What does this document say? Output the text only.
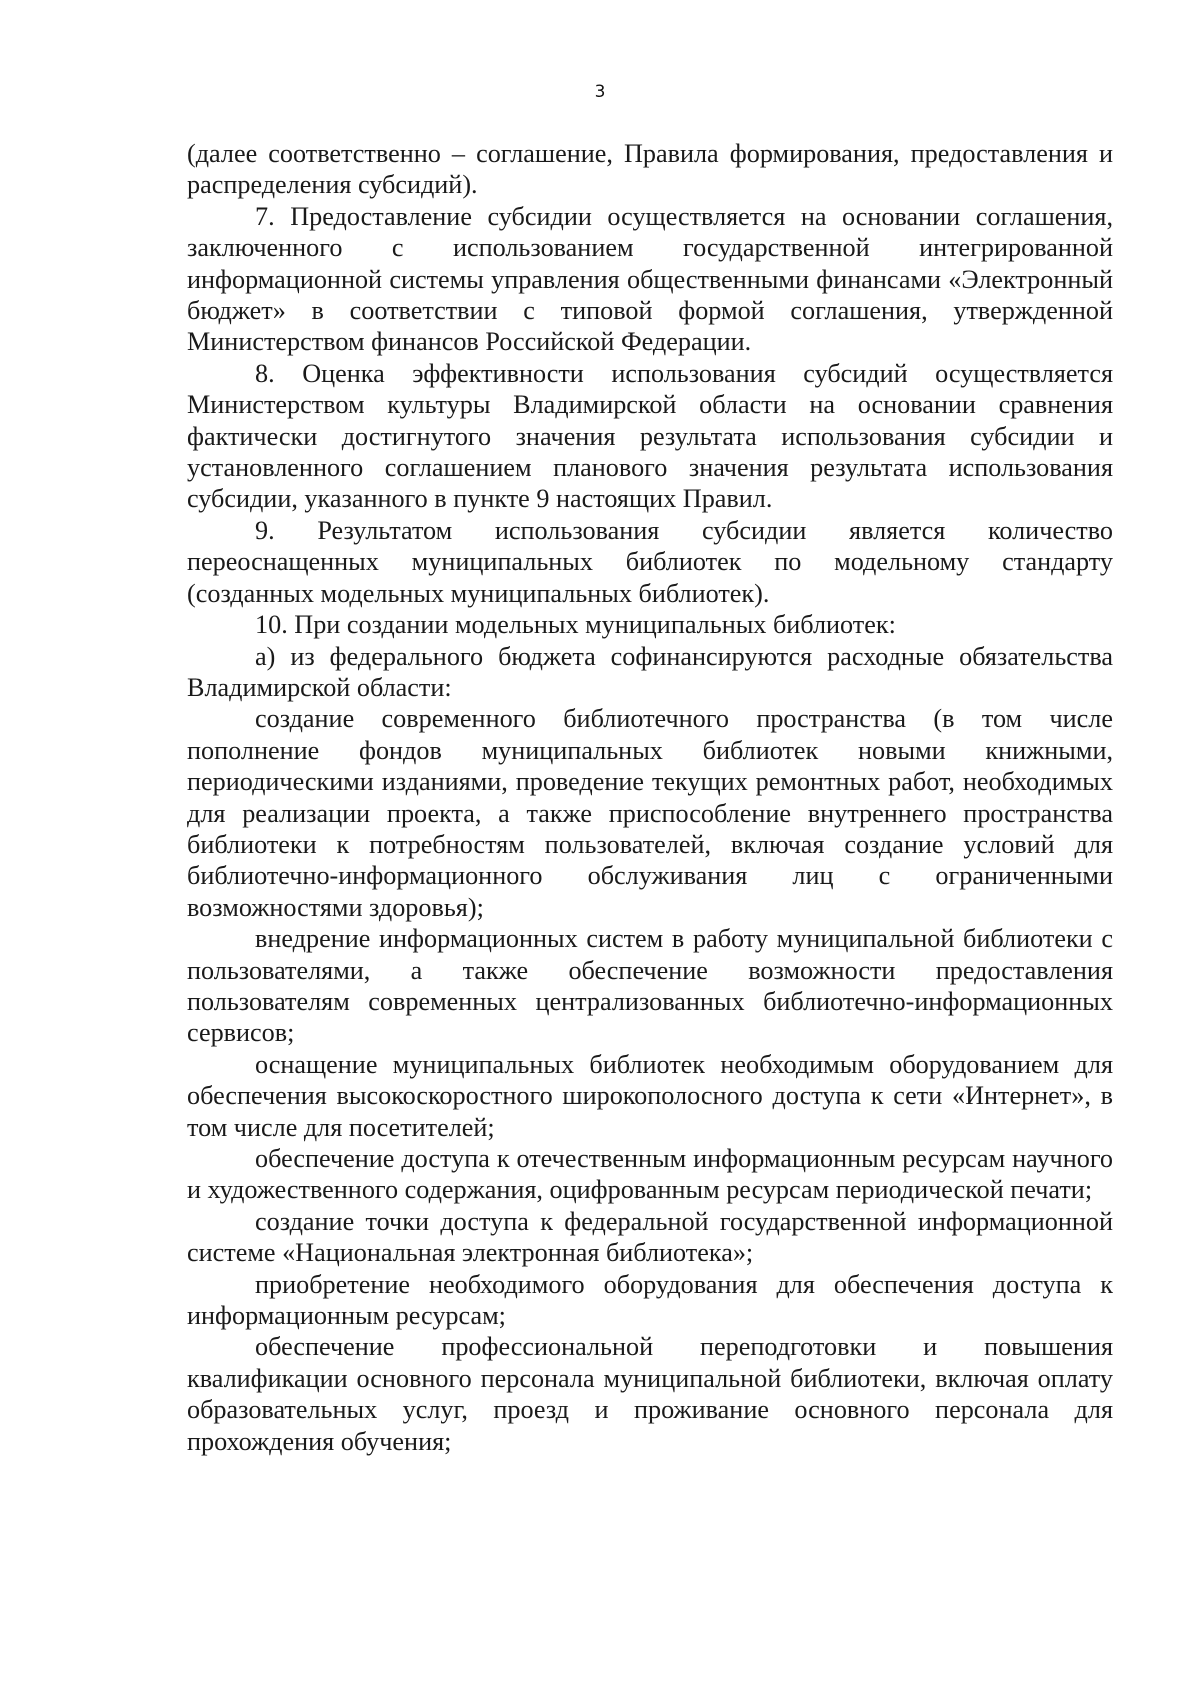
3

(далее соответственно – соглашение, Правила формирования, предоставления и распределения субсидий).

7. Предоставление субсидии осуществляется на основании соглашения, заключенного с использованием государственной интегрированной информационной системы управления общественными финансами «Электронный бюджет» в соответствии с типовой формой соглашения, утвержденной Министерством финансов Российской Федерации.

8. Оценка эффективности использования субсидий осуществляется Министерством культуры Владимирской области на основании сравнения фактически достигнутого значения результата использования субсидии и установленного соглашением планового значения результата использования субсидии, указанного в пункте 9 настоящих Правил.

9. Результатом использования субсидии является количество переоснащенных муниципальных библиотек по модельному стандарту (созданных модельных муниципальных библиотек).

10. При создании модельных муниципальных библиотек:

а) из федерального бюджета софинансируются расходные обязательства Владимирской области:

создание современного библиотечного пространства (в том числе пополнение фондов муниципальных библиотек новыми книжными, периодическими изданиями, проведение текущих ремонтных работ, необходимых для реализации проекта, а также приспособление внутреннего пространства библиотеки к потребностям пользователей, включая создание условий для библиотечно-информационного обслуживания лиц с ограниченными возможностями здоровья);

внедрение информационных систем в работу муниципальной библиотеки с пользователями, а также обеспечение возможности предоставления пользователям современных централизованных библиотечно-информационных сервисов;

оснащение муниципальных библиотек необходимым оборудованием для обеспечения высокоскоростного широкополосного доступа к сети «Интернет», в том числе для посетителей;

обеспечение доступа к отечественным информационным ресурсам научного и художественного содержания, оцифрованным ресурсам периодической печати;

создание точки доступа к федеральной государственной информационной системе «Национальная электронная библиотека»;

приобретение необходимого оборудования для обеспечения доступа к информационным ресурсам;

обеспечение профессиональной переподготовки и повышения квалификации основного персонала муниципальной библиотеки, включая оплату образовательных услуг, проезд и проживание основного персонала для прохождения обучения;
